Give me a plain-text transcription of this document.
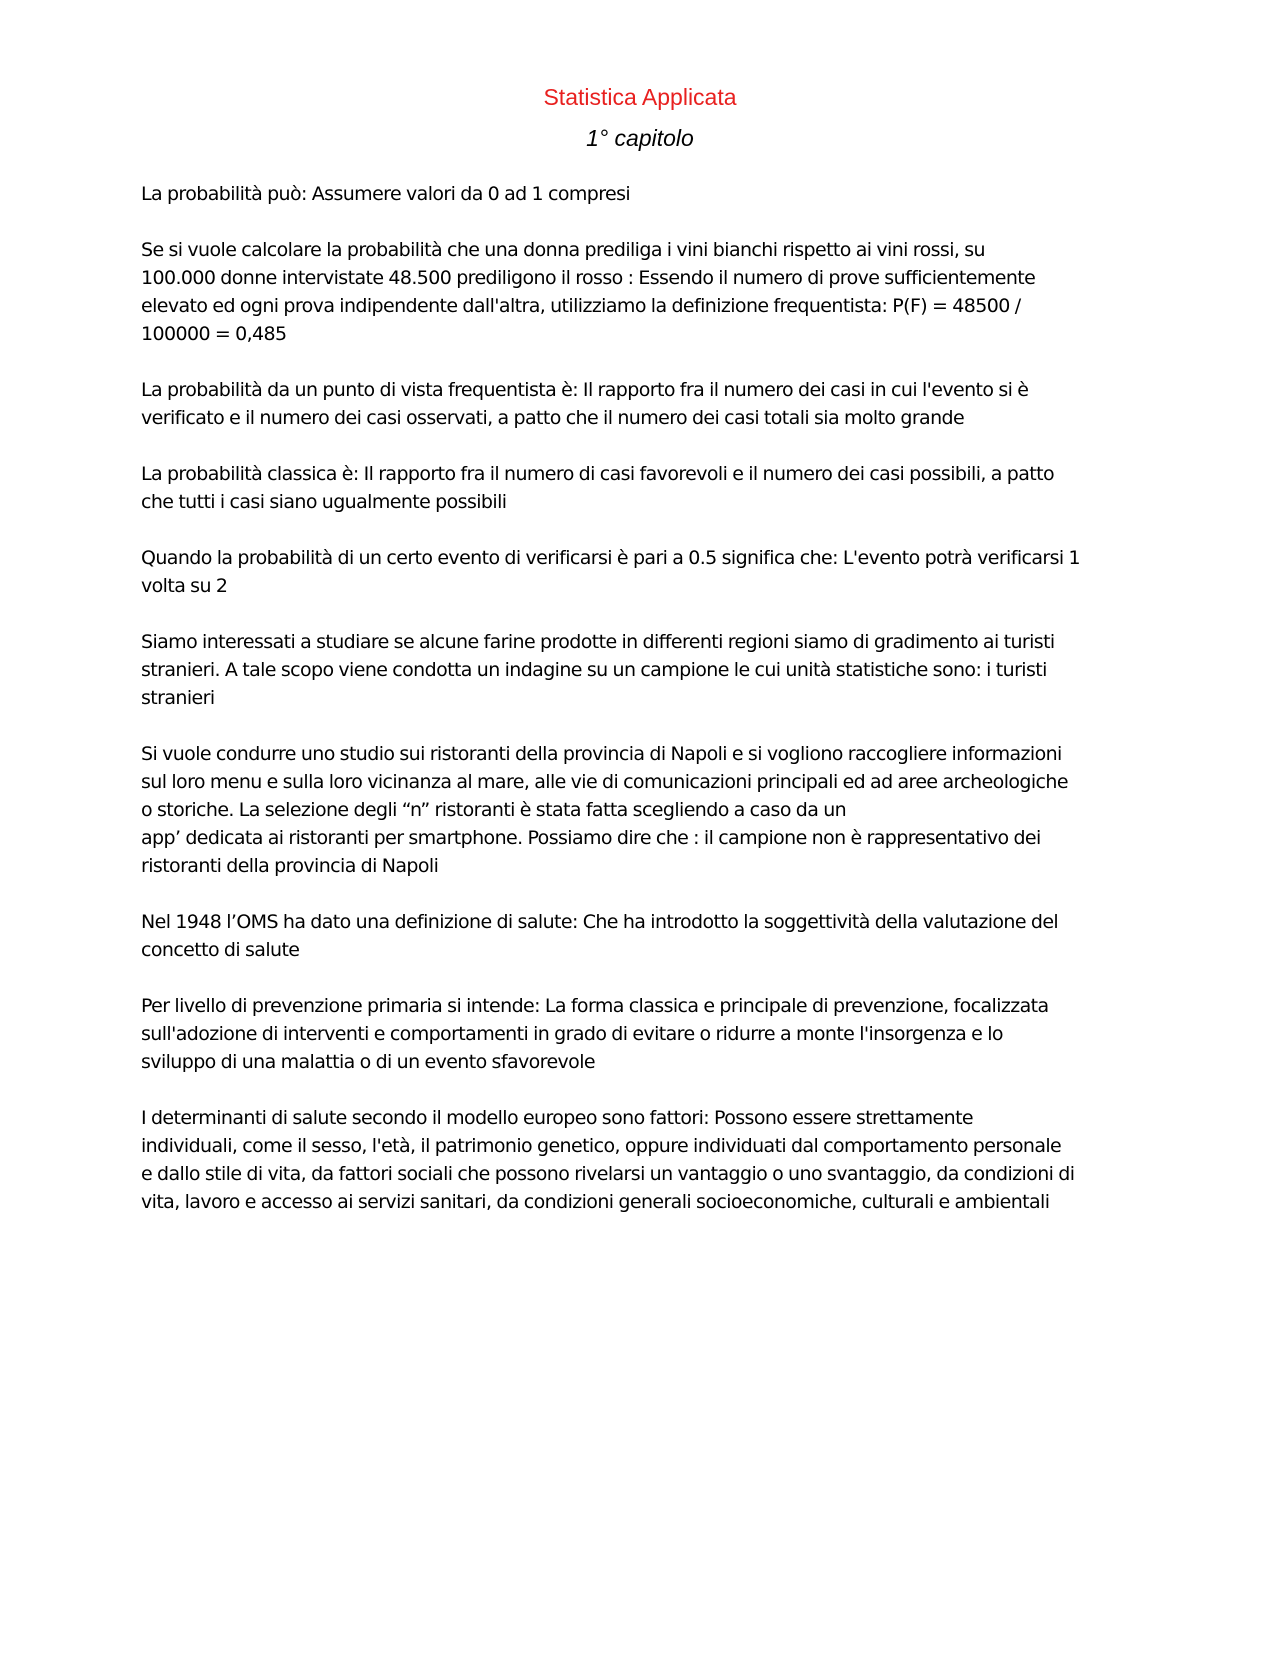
Statistica Applicata
1° capitolo
La probabilità può: Assumere valori da 0 ad 1 compresi
Se si vuole calcolare la probabilità che una donna prediliga i vini bianchi rispetto ai vini rossi, su
100.000 donne intervistate 48.500 prediligono il rosso : Essendo il numero di prove sufficientemente
elevato ed ogni prova indipendente dall'altra, utilizziamo la definizione frequentista: P(F) = 48500 /
100000 = 0,485
La probabilità da un punto di vista frequentista è: Il rapporto fra il numero dei casi in cui l'evento si è
verificato e il numero dei casi osservati, a patto che il numero dei casi totali sia molto grande
La probabilità classica è: Il rapporto fra il numero di casi favorevoli e il numero dei casi possibili, a patto
che tutti i casi siano ugualmente possibili
Quando la probabilità di un certo evento di verificarsi è pari a 0.5 significa che: L'evento potrà verificarsi 1
volta su 2
Siamo interessati a studiare se alcune farine prodotte in differenti regioni siamo di gradimento ai turisti
stranieri. A tale scopo viene condotta un indagine su un campione le cui unità statistiche sono: i turisti
stranieri
Si vuole condurre uno studio sui ristoranti della provincia di Napoli e si vogliono raccogliere informazioni
sul loro menu e sulla loro vicinanza al mare, alle vie di comunicazioni principali ed ad aree archeologiche
o storiche. La selezione degli “n” ristoranti è stata fatta scegliendo a caso da un
app’ dedicata ai ristoranti per smartphone. Possiamo dire che : il campione non è rappresentativo dei
ristoranti della provincia di Napoli
Nel 1948 l’OMS ha dato una definizione di salute: Che ha introdotto la soggettività della valutazione del
concetto di salute
Per livello di prevenzione primaria si intende: La forma classica e principale di prevenzione, focalizzata
sull'adozione di interventi e comportamenti in grado di evitare o ridurre a monte l'insorgenza e lo
sviluppo di una malattia o di un evento sfavorevole
I determinanti di salute secondo il modello europeo sono fattori: Possono essere strettamente
individuali, come il sesso, l'età, il patrimonio genetico, oppure individuati dal comportamento personale
e dallo stile di vita, da fattori sociali che possono rivelarsi un vantaggio o uno svantaggio, da condizioni di
vita, lavoro e accesso ai servizi sanitari, da condizioni generali socioeconomiche, culturali e ambientali
